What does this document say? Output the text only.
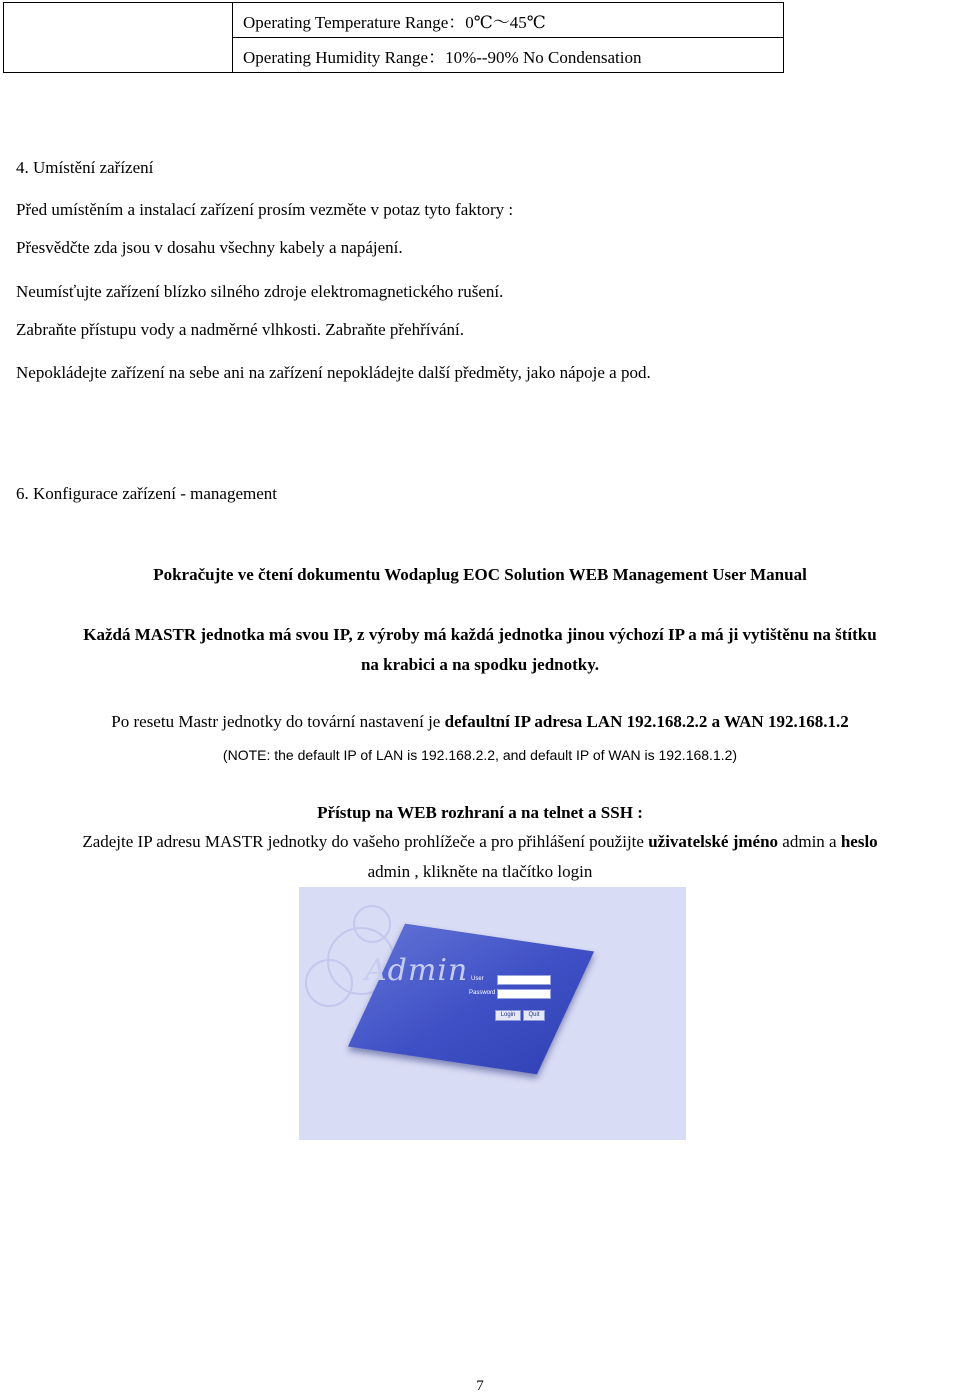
	Operating Temperature Range：0℃～45℃
Operating Humidity Range：10%--90% No Condensation
4. Umístění zařízení
Před umístěním a instalací zařízení prosím vezměte v potaz tyto faktory :
Přesvědčte zda jsou v dosahu všechny kabely a napájení.
Neumísťujte zařízení blízko silného zdroje elektromagnetického rušení.
Zabraňte přístupu vody a nadměrné vlhkosti. Zabraňte přehřívání.
Nepokládejte zařízení na sebe ani na zařízení nepokládejte další předměty, jako nápoje a pod.
6. Konfigurace zařízení - management
Pokračujte ve čtení dokumentu Wodaplug EOC Solution WEB Management User Manual
Každá MASTR jednotka má svou IP, z výroby má každá jednotka jinou výchozí IP a má ji vytištěnu na štítku
na krabici a na spodku jednotky.
Po resetu Mastr jednotky do tovární nastavení je defaultní IP adresa LAN 192.168.2.2 a WAN 192.168.1.2
(NOTE: the default IP of LAN is 192.168.2.2, and default IP of WAN is 192.168.1.2)
Přístup na WEB rozhraní a na telnet a SSH :
Zadejte IP adresu MASTR jednotky do vašeho prohlížeče a pro přihlášení použijte uživatelské jméno admin a heslo
admin , klikněte na tlačítko login
Admin User
Password
Login	Quit
7
